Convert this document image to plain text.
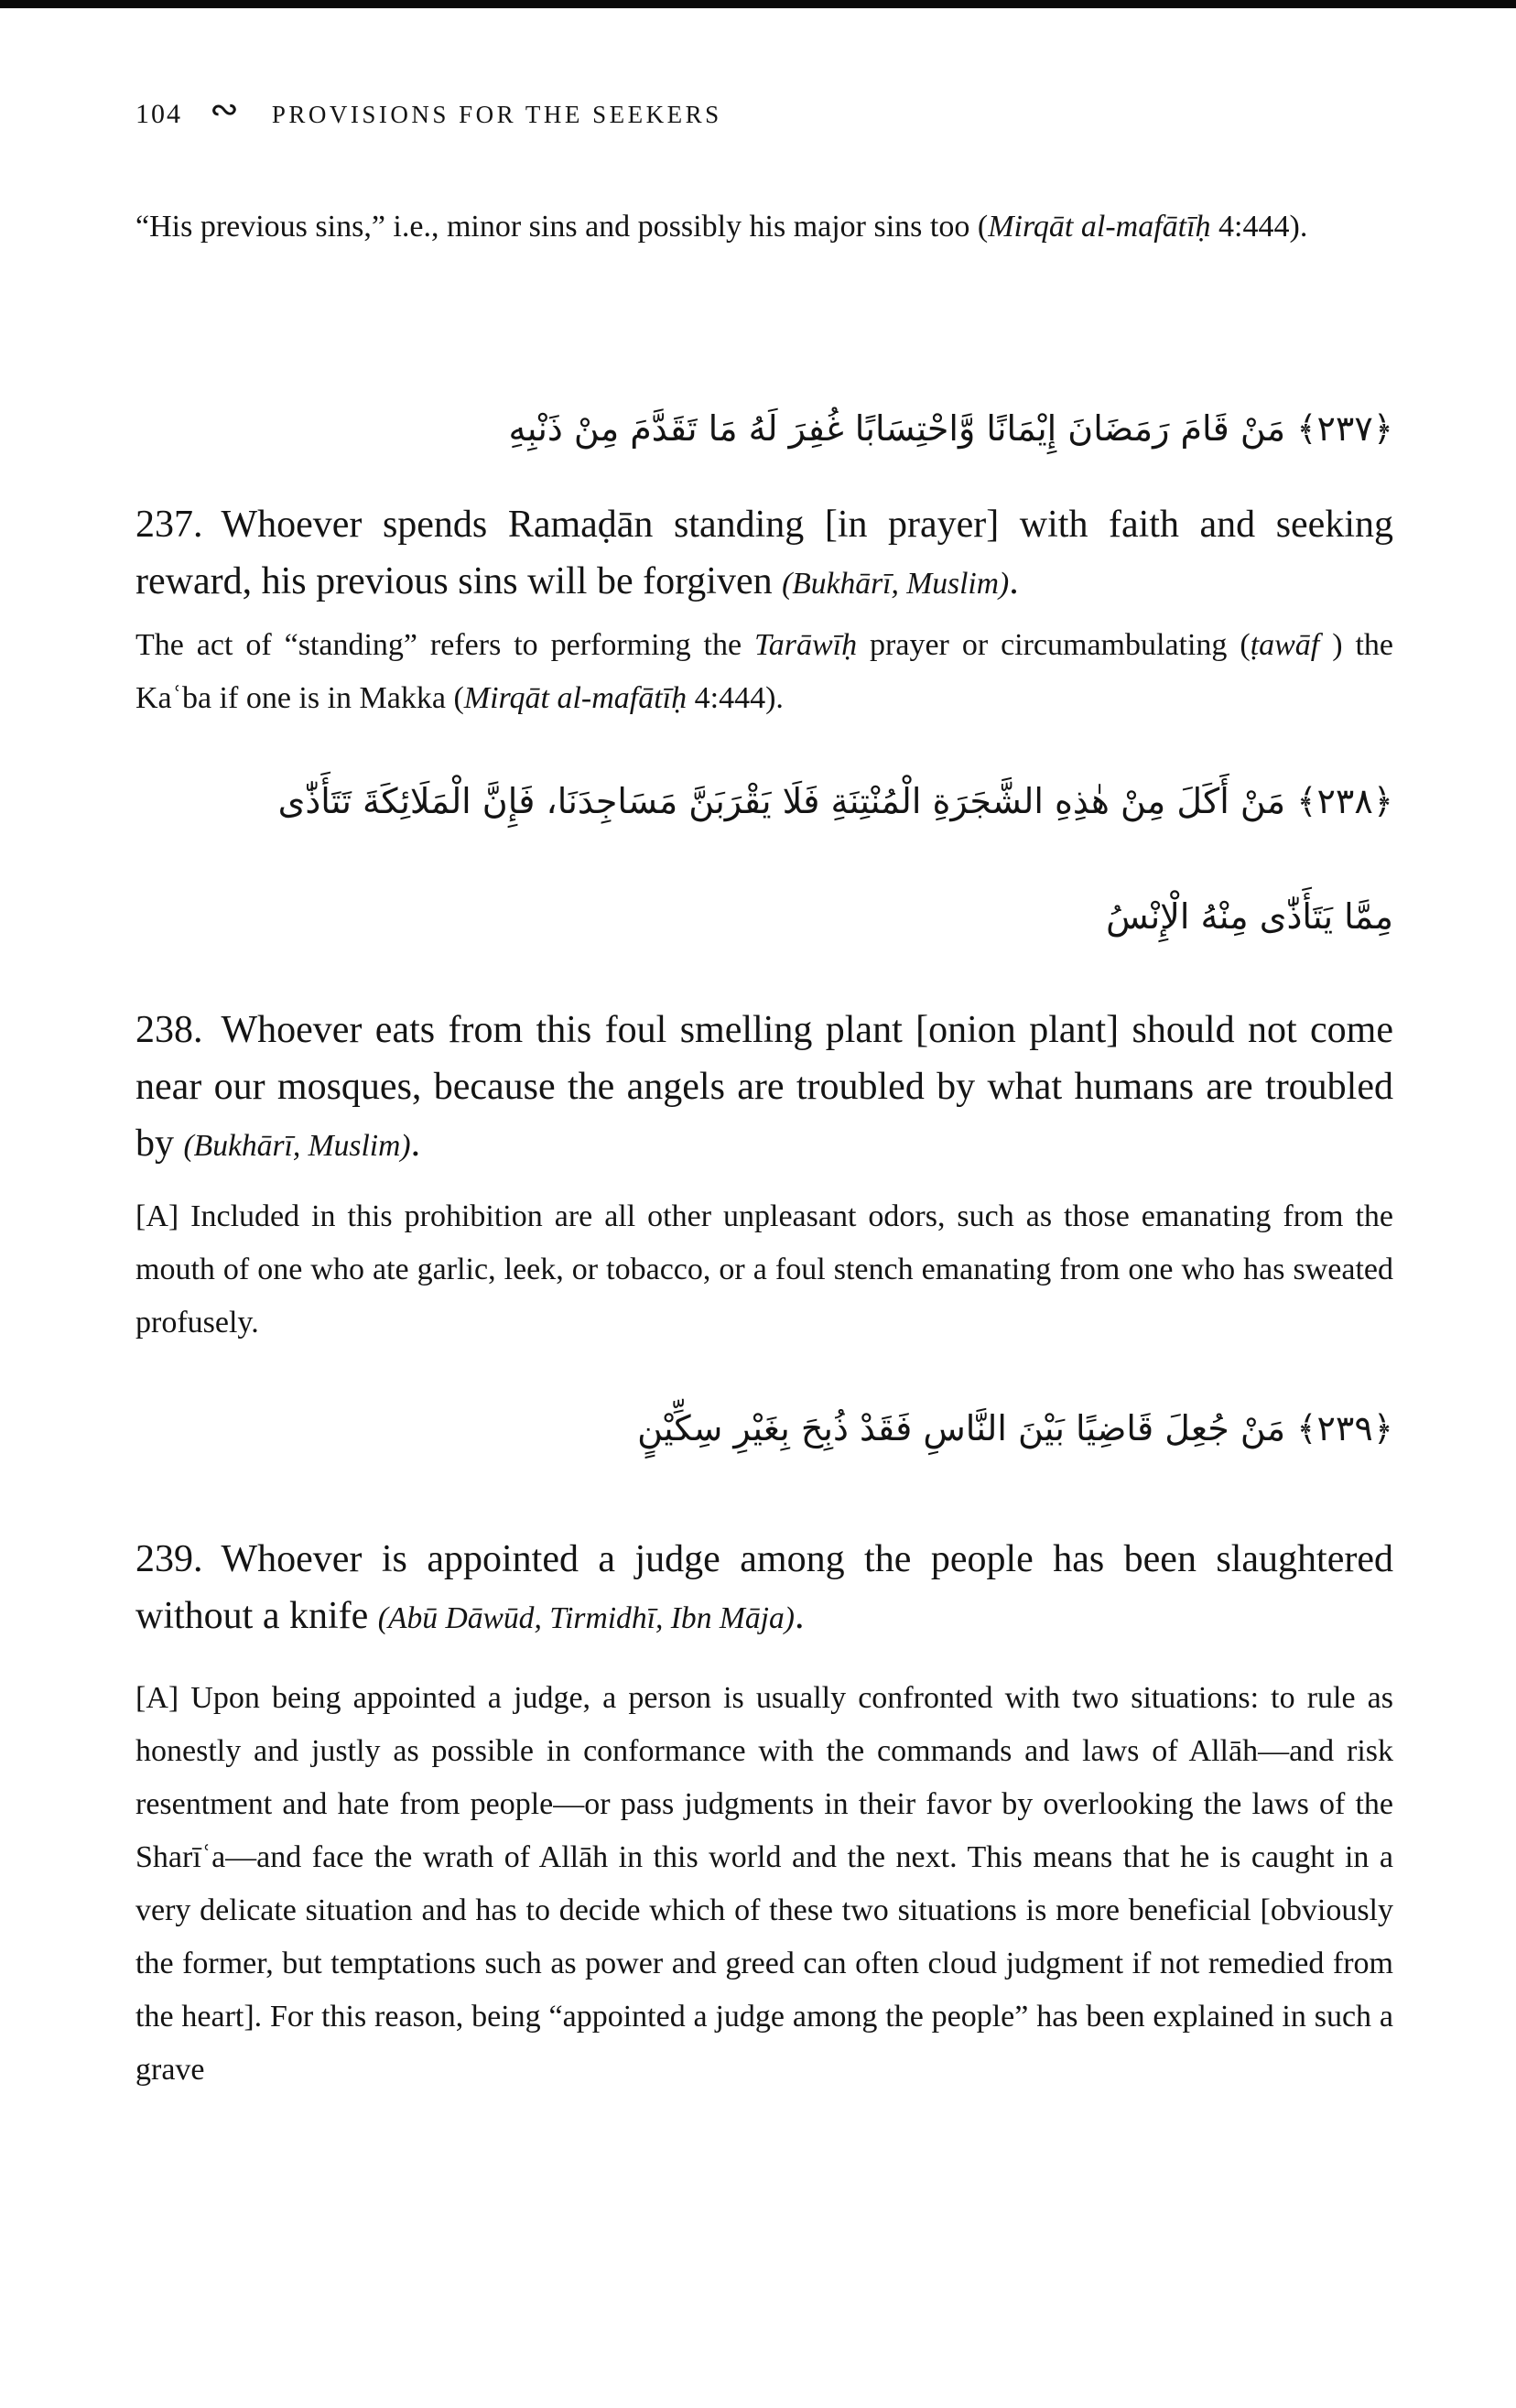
104 ∾ PROVISIONS FOR THE SEEKERS
“His previous sins,” i.e., minor sins and possibly his major sins too (Mirqāt al-mafātīḥ 4:444).
﴿٢٣٧﴾ مَنْ قَامَ رَمَضَانَ إِيْمَانًا وَّاحْتِسَابًا غُفِرَ لَهُ مَا تَقَدَّمَ مِنْ ذَنْبِهِ
237. Whoever spends Ramaḍān standing [in prayer] with faith and seeking reward, his previous sins will be forgiven (Bukhārī, Muslim).
The act of “standing” refers to performing the Tarāwīḥ prayer or circumambulating (ṭawāf ) the Kaʿba if one is in Makka (Mirqāt al-mafātīḥ 4:444).
﴿٢٣٨﴾ مَنْ أَكَلَ مِنْ هٰذِهِ الشَّجَرَةِ الْمُنْتِنَةِ فَلَا يَقْرَبَنَّ مَسَاجِدَنَا، فَإِنَّ الْمَلَائِكَةَ تَتَأَذّٰى
مِمَّا يَتَأَذّٰى مِنْهُ الْإِنْسُ
238. Whoever eats from this foul smelling plant [onion plant] should not come near our mosques, because the angels are troubled by what humans are troubled by (Bukhārī, Muslim).
[A] Included in this prohibition are all other unpleasant odors, such as those emanating from the mouth of one who ate garlic, leek, or tobacco, or a foul stench emanating from one who has sweated profusely.
﴿٢٣٩﴾ مَنْ جُعِلَ قَاضِيًا بَيْنَ النَّاسِ فَقَدْ ذُبِحَ بِغَيْرِ سِكِّيْنٍ
239. Whoever is appointed a judge among the people has been slaughtered without a knife (Abū Dāwūd, Tirmidhī, Ibn Māja).
[A] Upon being appointed a judge, a person is usually confronted with two situations: to rule as honestly and justly as possible in conformance with the commands and laws of Allāh—and risk resentment and hate from people—or pass judgments in their favor by overlooking the laws of the Sharīʿa—and face the wrath of Allāh in this world and the next. This means that he is caught in a very delicate situation and has to decide which of these two situations is more beneficial [obviously the former, but temptations such as power and greed can often cloud judgment if not remedied from the heart]. For this reason, being “appointed a judge among the people” has been explained in such a grave
